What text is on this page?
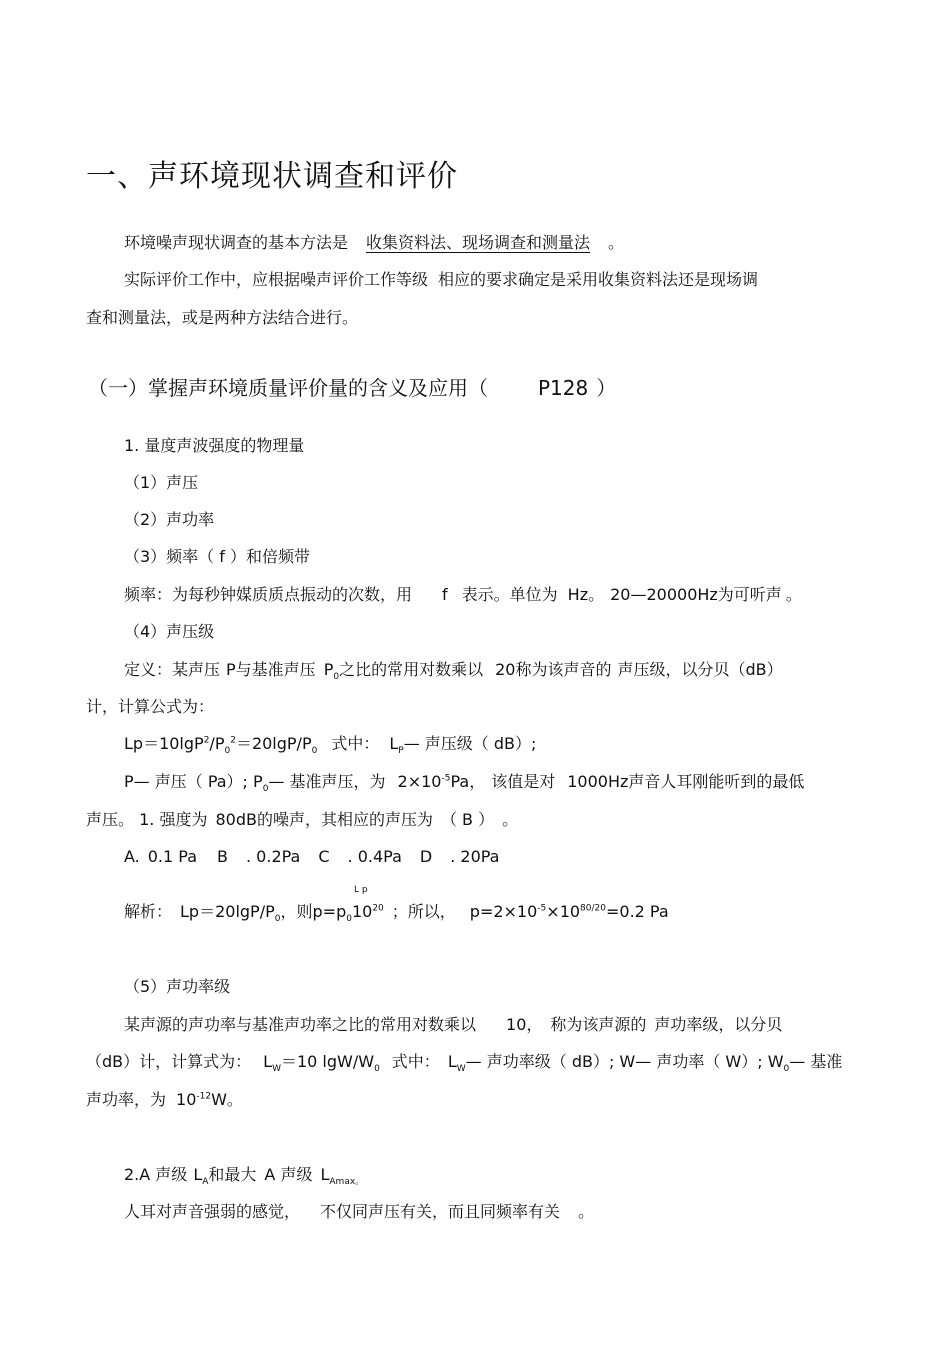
一、声环境现状调查和评价
环境噪声现状调查的基本方法是 收集资料法、现场调查和测量法 。
实际评价工作中，应根据噪声评价工作等级 相应的要求确定是采用收集资料法还是现场调
查和测量法，或是两种方法结合进行。
（一）掌握声环境质量评价量的含义及应用（	P128 ）
1. 量度声波强度的物理量
（1）声压
（2）声功率
（3）频率（ f ）和倍频带
频率：为每秒钟媒质质点振动的次数，用 f 表示。单位为 Hz。 20—20000Hz为可听声 。
（4）声压级
定义：某声压 P与基准声压 $P_0$之比的常用对数乘以 20称为该声音的 声压级，以分贝（dB）
计，计算公式为：
$Lp=10\lg P^2/P_0^2=20\lg P/P_0$ 式中： $L_P—$ 声压级（ dB）;
P— 声压（ Pa）; $P_0—$ 基准声压，为 $2\times 10^{-5}Pa$， 该值是对 1000Hz声音人耳刚能听到的最低
声压。 1. 强度为 80dB的噪声，其相应的声压为 （ B ） 。
A. 0.1 Pa B . 0.2Pa C . 0.4Pa D . 20Pa
解析： $Lp=20\lg P/P_0$，则$p=p_0$
L p
$10^{20}$ ；所以， $p=2\times 10^{-5}\times 10^{80/20}=0.2$ Pa
（5）声功率级
某声源的声功率与基准声功率之比的常用对数乘以 10， 称为该声源的 声功率级，以分贝
（dB）计，计算式为： $L_W=10$ lgW/$W_0$ 式中： $L_W—$ 声功率级（ dB）; W— 声功率（ W）; $W_0—$ 基准
声功率，为 $10^{-12}W$。
2.A 声级 $L_A$和最大 A 声级 $L_{Amax。}$
人耳对声音强弱的感觉， 不仅同声压有关，而且同频率有关 。
